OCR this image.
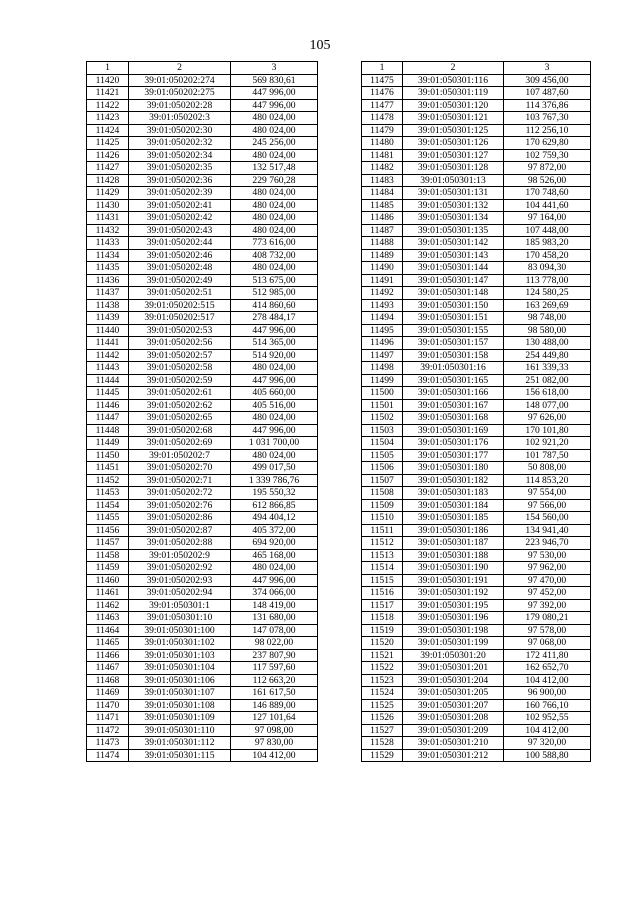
105
1	2	3
11420	39:01:050202:274	569 830,61
11421	39:01:050202:275	447 996,00
11422	39:01:050202:28	447 996,00
11423	39:01:050202:3	480 024,00
11424	39:01:050202:30	480 024,00
11425	39:01:050202:32	245 256,00
11426	39:01:050202:34	480 024,00
11427	39:01:050202:35	132 517,48
11428	39:01:050202:36	229 760,28
11429	39:01:050202:39	480 024,00
11430	39:01:050202:41	480 024,00
11431	39:01:050202:42	480 024,00
11432	39:01:050202:43	480 024,00
11433	39:01:050202:44	773 616,00
11434	39:01:050202:46	408 732,00
11435	39:01:050202:48	480 024,00
11436	39:01:050202:49	513 675,00
11437	39:01:050202:51	512 985,00
11438	39:01:050202:515	414 860,60
11439	39:01:050202:517	278 484,17
11440	39:01:050202:53	447 996,00
11441	39:01:050202:56	514 365,00
11442	39:01:050202:57	514 920,00
11443	39:01:050202:58	480 024,00
11444	39:01:050202:59	447 996,00
11445	39:01:050202:61	405 660,00
11446	39:01:050202:62	405 516,00
11447	39:01:050202:65	480 024,00
11448	39:01:050202:68	447 996,00
11449	39:01:050202:69	1 031 700,00
11450	39:01:050202:7	480 024,00
11451	39:01:050202:70	499 017,50
11452	39:01:050202:71	1 339 786,76
11453	39:01:050202:72	195 550,32
11454	39:01:050202:76	612 866,85
11455	39:01:050202:86	494 404,12
11456	39:01:050202:87	405 372,00
11457	39:01:050202:88	694 920,00
11458	39:01:050202:9	465 168,00
11459	39:01:050202:92	480 024,00
11460	39:01:050202:93	447 996,00
11461	39:01:050202:94	374 066,00
11462	39:01:050301:1	148 419,00
11463	39:01:050301:10	131 680,00
11464	39:01:050301:100	147 078,00
11465	39:01:050301:102	98 022,00
11466	39:01:050301:103	237 807,90
11467	39:01:050301:104	117 597,60
11468	39:01:050301:106	112 663,20
11469	39:01:050301:107	161 617,50
11470	39:01:050301:108	146 889,00
11471	39:01:050301:109	127 101,64
11472	39:01:050301:110	97 098,00
11473	39:01:050301:112	97 830,00
11474	39:01:050301:115	104 412,00
1	2	3
11475	39:01:050301:116	309 456,00
11476	39:01:050301:119	107 487,60
11477	39:01:050301:120	114 376,86
11478	39:01:050301:121	103 767,30
11479	39:01:050301:125	112 256,10
11480	39:01:050301:126	170 629,80
11481	39:01:050301:127	102 759,30
11482	39:01:050301:128	97 872,00
11483	39:01:050301:13	98 526,00
11484	39:01:050301:131	170 748,60
11485	39:01:050301:132	104 441,60
11486	39:01:050301:134	97 164,00
11487	39:01:050301:135	107 448,00
11488	39:01:050301:142	185 983,20
11489	39:01:050301:143	170 458,20
11490	39:01:050301:144	83 094,30
11491	39:01:050301:147	113 778,00
11492	39:01:050301:148	124 580,25
11493	39:01:050301:150	163 269,69
11494	39:01:050301:151	98 748,00
11495	39:01:050301:155	98 580,00
11496	39:01:050301:157	130 488,00
11497	39:01:050301:158	254 449,80
11498	39:01:050301:16	161 339,33
11499	39:01:050301:165	251 082,00
11500	39:01:050301:166	156 618,00
11501	39:01:050301:167	148 077,00
11502	39:01:050301:168	97 626,00
11503	39:01:050301:169	170 101,80
11504	39:01:050301:176	102 921,20
11505	39:01:050301:177	101 787,50
11506	39:01:050301:180	50 808,00
11507	39:01:050301:182	114 853,20
11508	39:01:050301:183	97 554,00
11509	39:01:050301:184	97 566,00
11510	39:01:050301:185	154 560,00
11511	39:01:050301:186	134 941,40
11512	39:01:050301:187	223 946,70
11513	39:01:050301:188	97 530,00
11514	39:01:050301:190	97 962,00
11515	39:01:050301:191	97 470,00
11516	39:01:050301:192	97 452,00
11517	39:01:050301:195	97 392,00
11518	39:01:050301:196	179 080,21
11519	39:01:050301:198	97 578,00
11520	39:01:050301:199	97 068,00
11521	39:01:050301:20	172 411,80
11522	39:01:050301:201	162 652,70
11523	39:01:050301:204	104 412,00
11524	39:01:050301:205	96 900,00
11525	39:01:050301:207	160 766,10
11526	39:01:050301:208	102 952,55
11527	39:01:050301:209	104 412,00
11528	39:01:050301:210	97 320,00
11529	39:01:050301:212	100 588,80
